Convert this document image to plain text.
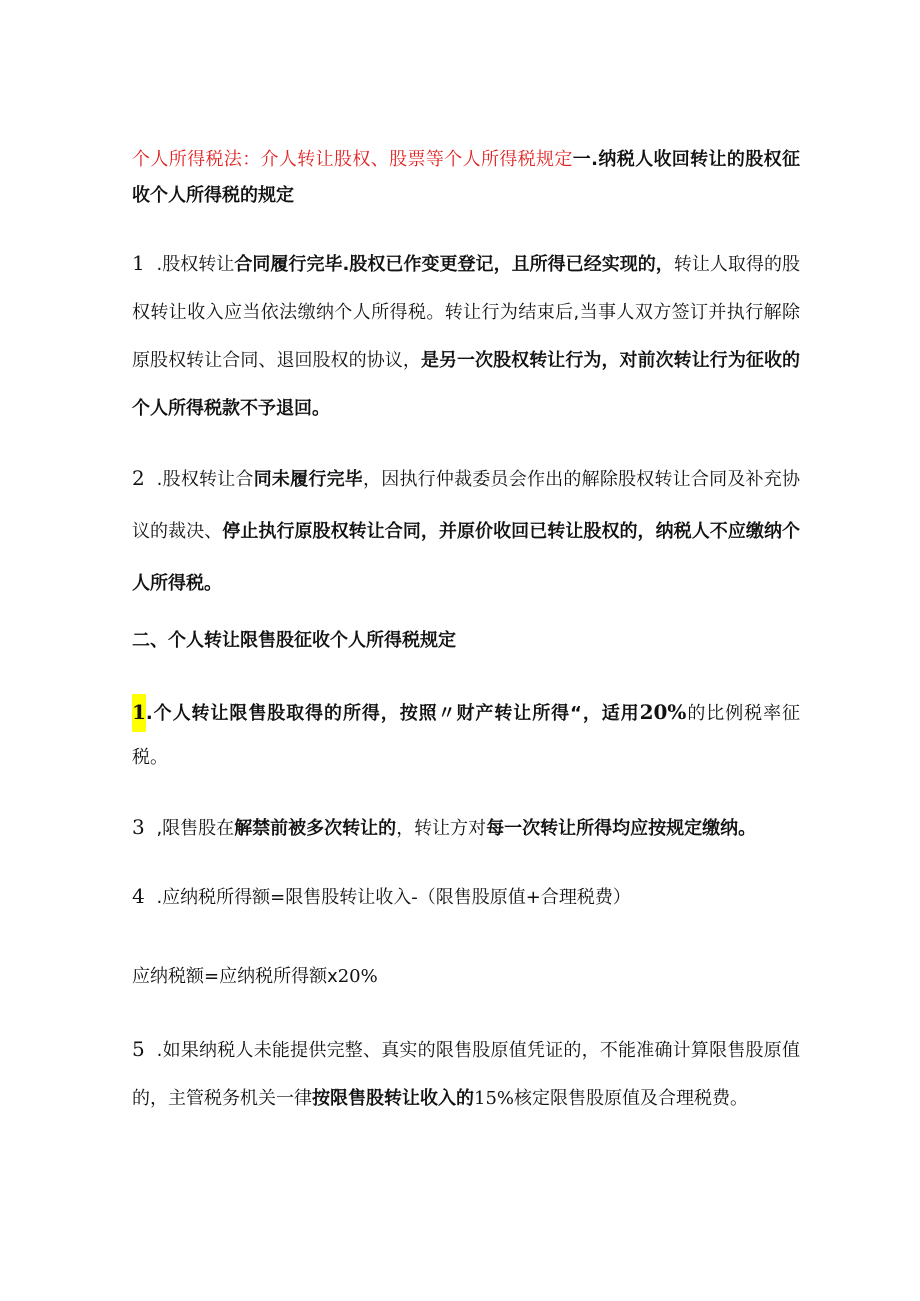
个人所得税法：介人转让股权、股票等个人所得税规定一.纳税人收回转让的股权征收个人所得税的规定

1 .股权转让合同履行完毕.股权已作变更登记，且所得已经实现的，转让人取得的股权转让收入应当依法缴纳个人所得税。转让行为结束后,当事人双方签订并执行解除原股权转让合同、退回股权的协议，是另一次股权转让行为，对前次转让行为征收的个人所得税款不予退回。

2 .股权转让合同未履行完毕，因执行仲裁委员会作出的解除股权转让合同及补充协议的裁决、停止执行原股权转让合同，并原价收回已转让股权的，纳税人不应缴纳个人所得税。

二、个人转让限售股征收个人所得税规定

1.个人转让限售股取得的所得，按照〃财产转让所得“，适用20%的比例税率征税。

3 ,限售股在解禁前被多次转让的，转让方对每一次转让所得均应按规定缴纳。

4 .应纳税所得额=限售股转让收入-（限售股原值+合理税费）

应纳税额=应纳税所得额x20%

5 .如果纳税人未能提供完整、真实的限售股原值凭证的，不能准确计算限售股原值的，主管税务机关一律按限售股转让收入的15%核定限售股原值及合理税费。
